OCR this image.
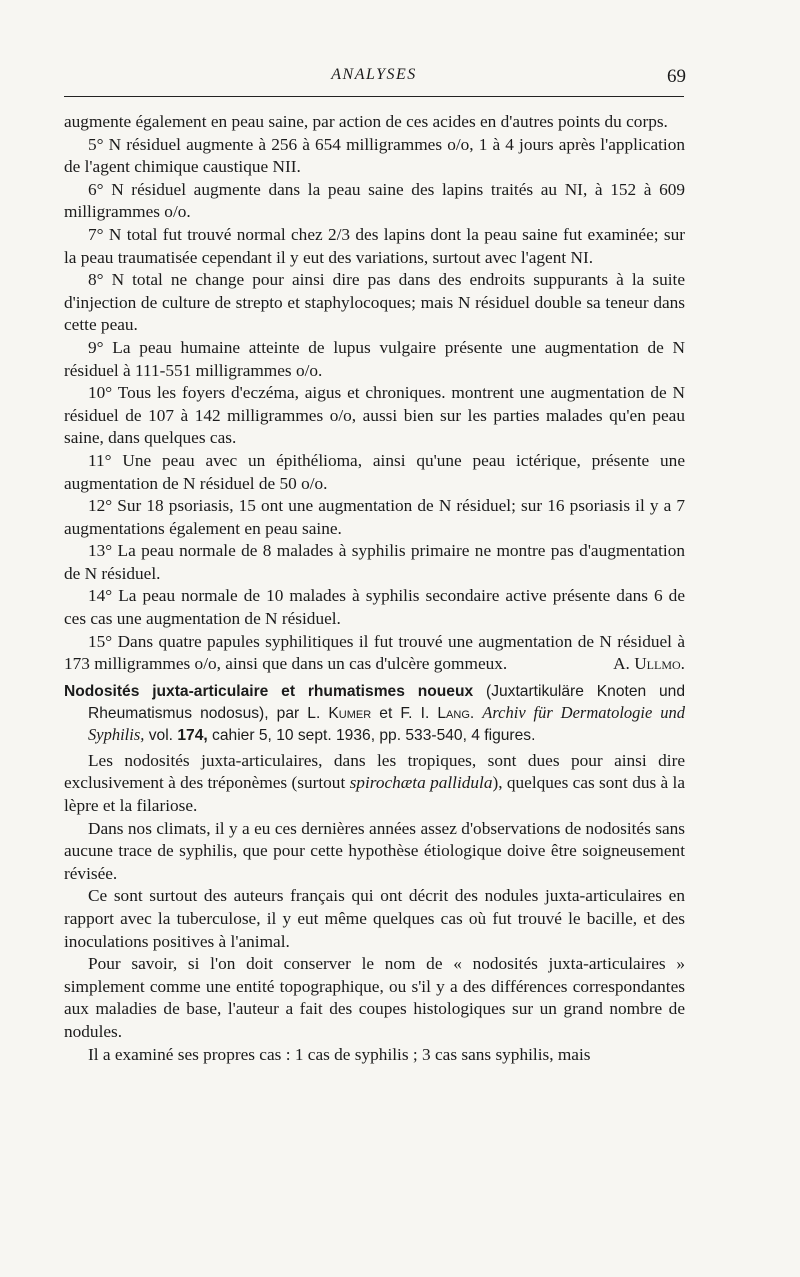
ANALYSES	69

augmente également en peau saine, par action de ces acides en d'autres points du corps.

5° N résiduel augmente à 256 à 654 milligrammes o/o, 1 à 4 jours après l'application de l'agent chimique caustique NII.

6° N résiduel augmente dans la peau saine des lapins traités au NI, à 152 à 609 milligrammes o/o.

7° N total fut trouvé normal chez 2/3 des lapins dont la peau saine fut examinée; sur la peau traumatisée cependant il y eut des variations, surtout avec l'agent NI.

8° N total ne change pour ainsi dire pas dans des endroits suppurants à la suite d'injection de culture de strepto et staphylocoques; mais N résiduel double sa teneur dans cette peau.

9° La peau humaine atteinte de lupus vulgaire présente une augmentation de N résiduel à 111-551 milligrammes o/o.

10° Tous les foyers d'eczéma, aigus et chroniques. montrent une augmentation de N résiduel de 107 à 142 milligrammes o/o, aussi bien sur les parties malades qu'en peau saine, dans quelques cas.

11° Une peau avec un épithélioma, ainsi qu'une peau ictérique, présente une augmentation de N résiduel de 50 o/o.

12° Sur 18 psoriasis, 15 ont une augmentation de N résiduel; sur 16 psoriasis il y a 7 augmentations également en peau saine.

13° La peau normale de 8 malades à syphilis primaire ne montre pas d'augmentation de N résiduel.

14° La peau normale de 10 malades à syphilis secondaire active présente dans 6 de ces cas une augmentation de N résiduel.

15° Dans quatre papules syphilitiques il fut trouvé une augmentation de N résiduel à 173 milligrammes o/o, ainsi que dans un cas d'ulcère gommeux.	A. Ullmo.

Nodosités juxta-articulaire et rhumatismes noueux (Juxtartikuläre Knoten und Rheumatismus nodosus), par L. Kumer et F. I. Lang. Archiv für Dermatologie und Syphilis, vol. 174, cahier 5, 10 sept. 1936, pp. 533-540, 4 figures.

Les nodosités juxta-articulaires, dans les tropiques, sont dues pour ainsi dire exclusivement à des tréponèmes (surtout spirochæta pallidula), quelques cas sont dus à la lèpre et la filariose.

Dans nos climats, il y a eu ces dernières années assez d'observations de nodosités sans aucune trace de syphilis, que pour cette hypothèse étiologique doive être soigneusement révisée.

Ce sont surtout des auteurs français qui ont décrit des nodules juxta-articulaires en rapport avec la tuberculose, il y eut même quelques cas où fut trouvé le bacille, et des inoculations positives à l'animal.

Pour savoir, si l'on doit conserver le nom de « nodosités juxta-articulaires » simplement comme une entité topographique, ou s'il y a des différences correspondantes aux maladies de base, l'auteur a fait des coupes histologiques sur un grand nombre de nodules.

Il a examiné ses propres cas : 1 cas de syphilis ; 3 cas sans syphilis, mais
